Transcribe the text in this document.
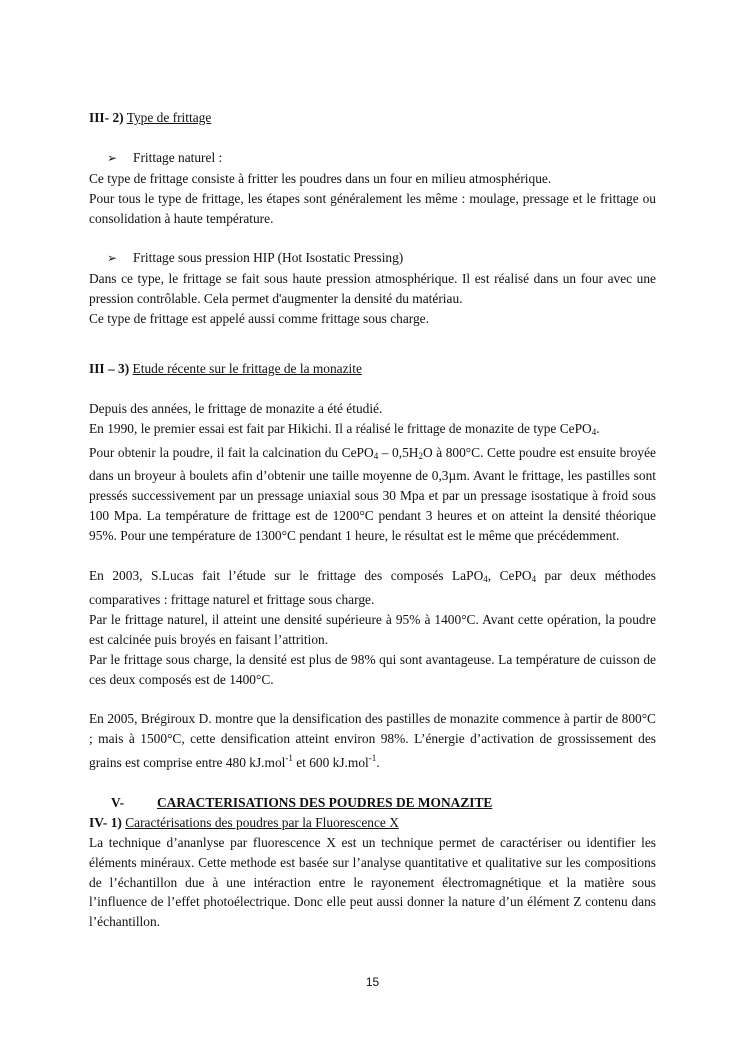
III- 2) Type de frittage

➢ Frittage naturel :

Ce type de frittage consiste à fritter les poudres dans un four en milieu atmosphérique.

Pour tous le type de frittage, les étapes sont généralement les même : moulage, pressage et le frittage ou consolidation à haute température.

➢ Frittage sous pression HIP (Hot Isostatic Pressing)

Dans ce type, le frittage se fait sous haute pression atmosphérique. Il est réalisé dans un four avec une pression contrôlable. Cela permet d'augmenter la densité du matériau.

Ce type de frittage est appelé aussi comme frittage sous charge.

III – 3) Etude récente sur le frittage de la monazite

Depuis des années, le frittage de monazite a été étudié.

En 1990, le premier essai est fait par Hikichi. Il a réalisé le frittage de monazite de type CePO$_4$.

Pour obtenir la poudre, il fait la calcination du CePO$_4$ – $0,5H_2O$ à 800°C. Cette poudre est ensuite broyée dans un broyeur à boulets afin d’obtenir une taille moyenne de 0,3µm. Avant le frittage, les pastilles sont pressés successivement par un pressage uniaxial sous 30 Mpa et par un pressage isostatique à froid sous 100 Mpa. La température de frittage est de 1200°C pendant 3 heures et on atteint la densité théorique 95%. Pour une température de 1300°C pendant 1 heure, le résultat est le même que précédemment.

En 2003, S.Lucas fait l’étude sur le frittage des composés LaPO$_4$, CePO$_4$ par deux méthodes comparatives : frittage naturel et frittage sous charge.

Par le frittage naturel, il atteint une densité supérieure à 95% à 1400°C. Avant cette opération, la poudre est calcinée puis broyés en faisant l’attrition.

Par le frittage sous charge, la densité est plus de 98% qui sont avantageuse. La température de cuisson de ces deux composés est de 1400°C.

En 2005, Brégiroux D. montre que la densification des pastilles de monazite commence à partir de 800°C ; mais à 1500°C, cette densification atteint environ 98%. L’énergie d’activation de grossissement des grains est comprise entre 480 kJ.mol$^{-1}$ et 600 kJ.mol$^{-1}$.

V- CARACTERISATIONS DES POUDRES DE MONAZITE

IV- 1) Caractérisations des poudres par la Fluorescence X

La technique d’ananlyse par fluorescence X est un technique permet de caractériser ou identifier les éléments minéraux. Cette methode est basée sur l’analyse quantitative et qualitative sur les compositions de l’échantillon due à une intéraction entre le rayonement électromagnétique et la matière sous l’influence de l’effet photoélectrique. Donc elle peut aussi donner la nature d’un élément Z contenu dans l’échantillon.

15
